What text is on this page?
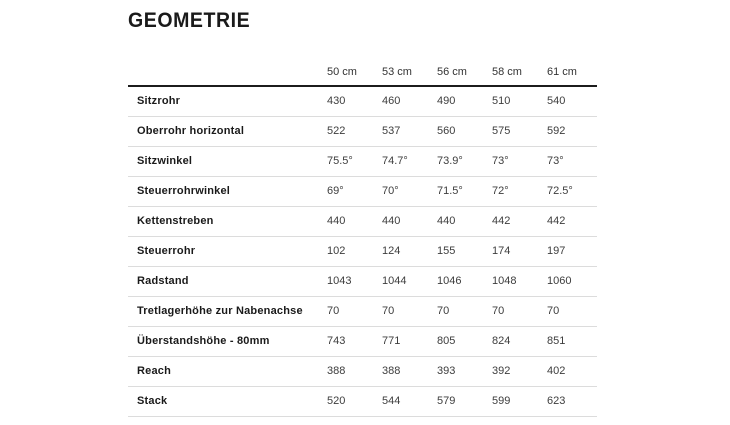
GEOMETRIE
	50 cm	53 cm	56 cm	58 cm	61 cm
Sitzrohr	430	460	490	510	540
Oberrohr horizontal	522	537	560	575	592
Sitzwinkel	75.5°	74.7°	73.9°	73°	73°
Steuerrohrwinkel	69°	70°	71.5°	72°	72.5°
Kettenstreben	440	440	440	442	442
Steuerrohr	102	124	155	174	197
Radstand	1043	1044	1046	1048	1060
Tretlagerhöhe zur Nabenachse	70	70	70	70	70
Überstandshöhe - 80mm	743	771	805	824	851
Reach	388	388	393	392	402
Stack	520	544	579	599	623
